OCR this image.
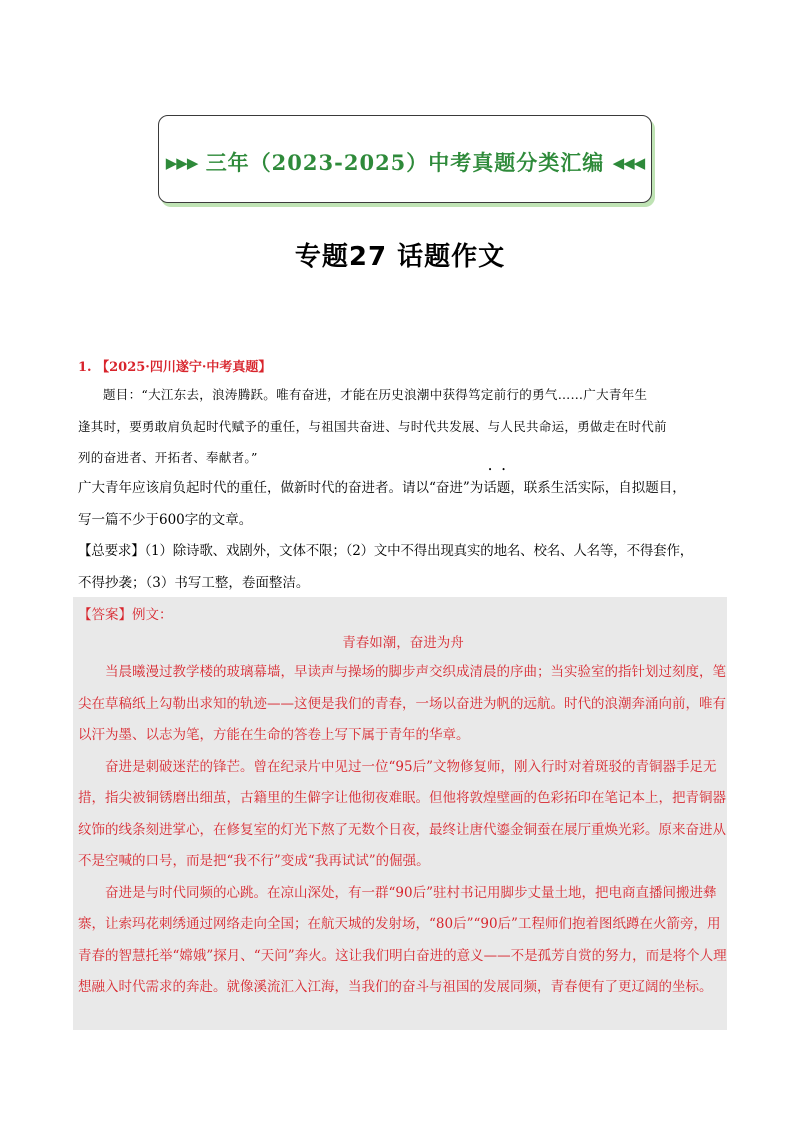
▶▶▶ 三年（2023-2025）中考真题分类汇编 ◀◀◀
专题27 话题作文
1. 【2025·四川遂宁·中考真题】

题目：“大江东去，浪涛腾跃。唯有奋进，才能在历史浪潮中获得笃定前行的勇气……广大青年生

逢其时，要勇敢肩负起时代赋予的重任，与祖国共奋进、与时代共发展、与人民共命运，勇做走在时代前

列的奋进者、开拓者、奉献者。”

广大青年应该肩负起时代的重任，做新时代的奋进者。请以“奋进”为话题，联系生活实际，自拟题目，

写一篇不少于600字的文章。

【总要求】（1）除诗歌、戏剧外，文体不限；（2）文中不得出现真实的地名、校名、人名等，不得套作，

不得抄袭；（3）书写工整，卷面整洁。

【答案】例文：
青春如潮，奋进为舟

当晨曦漫过教学楼的玻璃幕墙，早读声与操场的脚步声交织成清晨的序曲；当实验室的指针划过刻度，笔尖在草稿纸上勾勒出求知的轨迹——这便是我们的青春，一场以奋进为帆的远航。时代的浪潮奔涌向前，唯有以汗为墨、以志为笔，方能在生命的答卷上写下属于青年的华章。

奋进是刺破迷茫的锋芒。曾在纪录片中见过一位“95后”文物修复师，刚入行时对着斑驳的青铜器手足无措，指尖被铜锈磨出细茧，古籍里的生僻字让他彻夜难眠。但他将敦煌壁画的色彩拓印在笔记本上，把青铜器纹饰的线条刻进掌心，在修复室的灯光下熬了无数个日夜，最终让唐代鎏金铜蚕在展厅重焕光彩。原来奋进从不是空喊的口号，而是把“我不行”变成“我再试试”的倔强。

奋进是与时代同频的心跳。在凉山深处，有一群“90后”驻村书记用脚步丈量土地，把电商直播间搬进彝寨，让索玛花刺绣通过网络走向全国；在航天城的发射场，“80后”“90后”工程师们抱着图纸蹲在火箭旁，用青春的智慧托举“嫦娥”探月、“天问”奔火。这让我们明白奋进的意义——不是孤芳自赏的努力，而是将个人理想融入时代需求的奔赴。就像溪流汇入江海，当我们的奋斗与祖国的发展同频，青春便有了更辽阔的坐标。
